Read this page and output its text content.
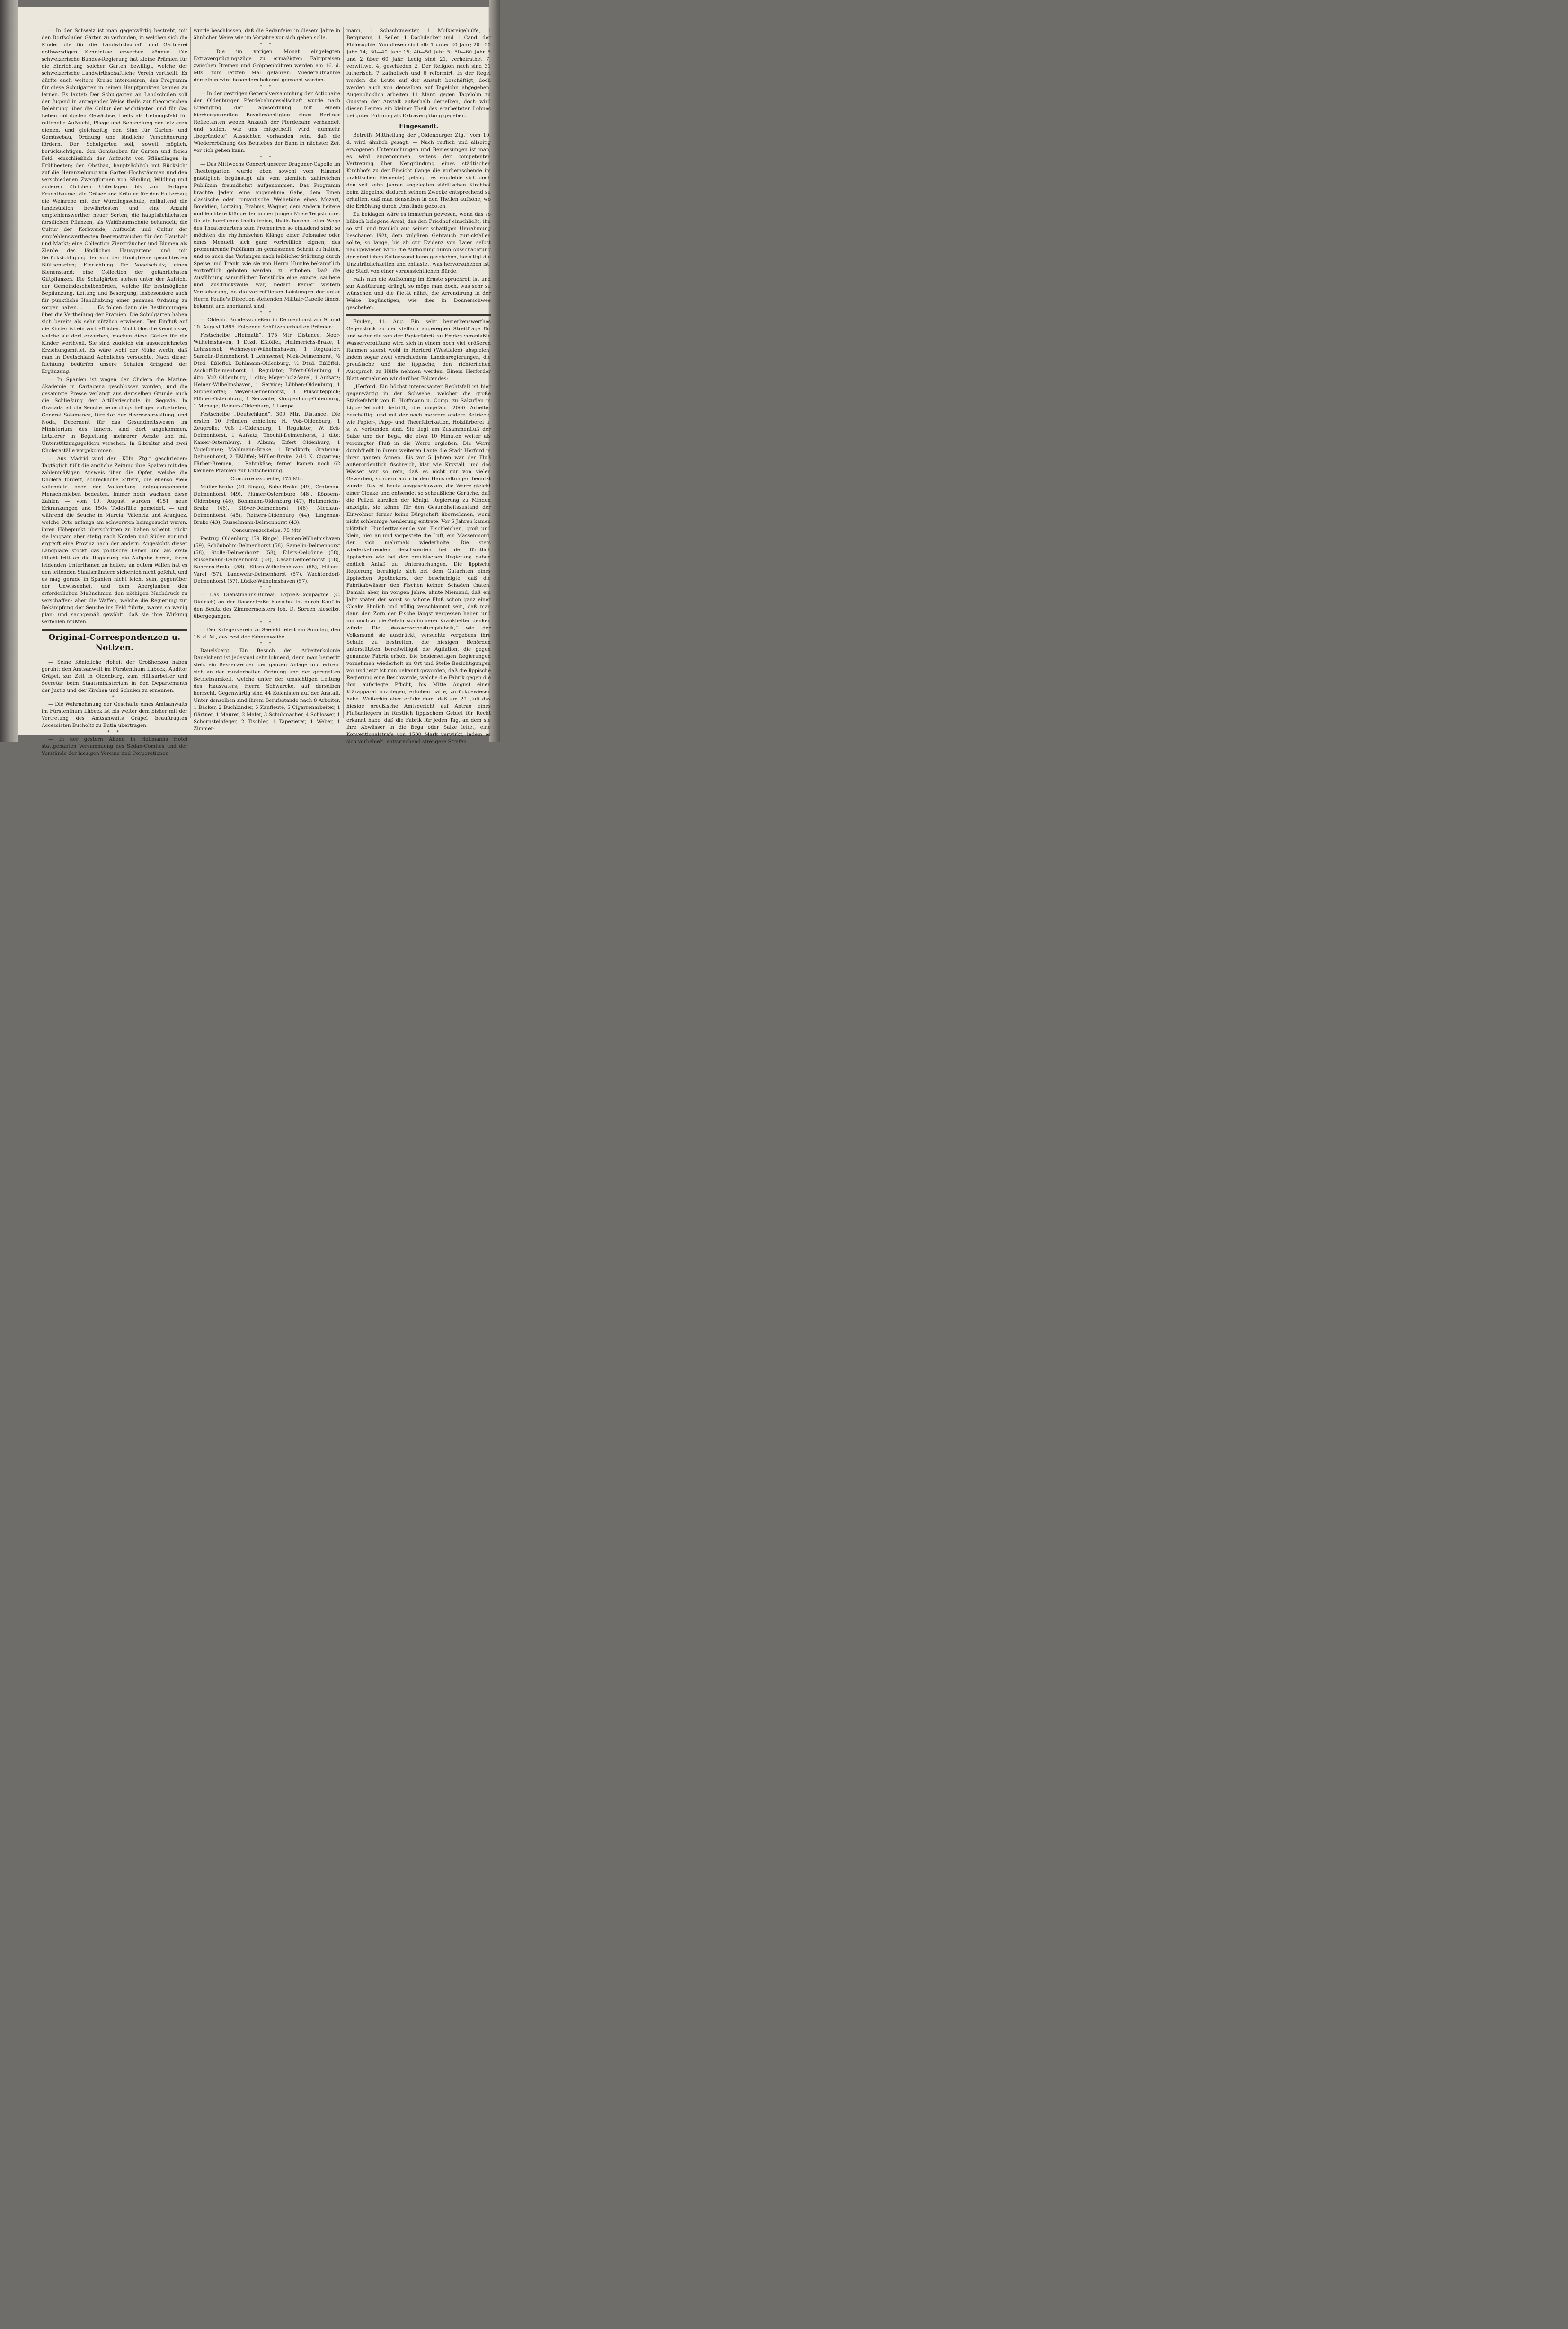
— In der Schweiz ist man gegenwärtig bestrebt, mit den Dorfschulen Gärten zu verbinden, in welchen sich die Kinder die für die Landwirthschaft und Gärtnerei nothwendigen Kenntnisse erwerben können. Die schweizerische Bundes-Regierung hat kleine Prämien für die Einrichtung solcher Gärten bewilligt, welche der schweizerische Landwirthschaftliche Verein vertheilt. Es dürfte auch weitere Kreise interessiren, das Programm für diese Schulgärten in seinen Hauptpunkten kennen zu lernen. Es lautet: Der Schulgarten an Landschulen soll der Jugend in anregender Weise theils zur theoretischen Belehrung über die Cultur der wichtigsten und für das Leben nöthigsten Gewächse, theils als Uebungsfeld für rationelle Aufzucht, Pflege und Behandlung der letzteren dienen, und gleichzeitig den Sinn für Garten- und Gemüsebau, Ordnung und ländliche Verschönerung fördern. Der Schulgarten soll, soweit möglich, berücksichtigen: den Gemüsebau für Garten und freies Feld, einschließlich der Aufzucht von Pflänzlingen in Frühbeeten; den Obstbau, hauptsächlich mit Rücksicht auf die Heranziehung von Garten-Hochstämmen und den verschiedenen Zwergformen von Sämling, Wildling und anderen üblichen Unterlagen bis zum fertigen Fruchtbaume; die Gräser und Kräuter für den Futterbau; die Weinrebe mit der Würzlingsschule, enthaltend die landesüblich bewährtesten und eine Anzahl empfehlenswerther neuer Sorten; die hauptsächlichsten forstlichen Pflanzen, als Waldbaumschule behandelt; die Cultur der Korbweide; Aufzucht und Cultur der empfehlenswerthesten Beerensträucher für den Haushalt und Markt; eine Collection Ziersträucher und Blumen als Zierde des ländlichen Hausgartens und mit Berücksichtigung der von der Honigbiene gesuchtesten Blüthenarten; Einrichtung für Vogelschutz; einen Bienenstand; eine Collection der gefährlichsten Giftpflanzen. Die Schulgärten stehen unter der Aufsicht der Gemeindeschulbehörden, welche für bestmögliche Bepflanzung, Leitung und Besorgung, insbesondere auch für pünktliche Handhabung einer genauen Ordnung zu sorgen haben. . . . . Es folgen dann die Bestimmungen über die Vertheilung der Prämien. Die Schulgärten haben sich bereits als sehr nützlich erwiesen. Der Einfluß auf die Kinder ist ein vortrefflicher. Nicht blos die Kenntnisse, welche sie dort erwerben, machen diese Gärten für die Kinder werthvoll. Sie sind zugleich ein ausgezeichnetes Erziehungsmittel. Es wäre wohl der Mühe werth, daß man in Deutschland Aehnliches versuchte. Nach dieser Richtung bedürfen unsere Schulen dringend der Ergänzung.

— In Spanien ist wegen der Cholera die Marine-Akademie in Cartagena geschlossen worden, und die gesammte Presse verlangt aus demselben Grunde auch die Schließung der Artillerieschule in Segovia. In Granada ist die Seuche neuerdings heftiger aufgetreten, General Salamanca, Director der Heeresverwaltung, und Noda, Decernent für das Gesundheitswesen im Ministerium des Innern, sind dort angekommen, Letzterer in Begleitung mehrerer Aerzte und mit Unterstützungsgeldern versehen. In Gibraltar sind zwei Choleraställe vorgekommen.

— Aus Madrid wird der „Köln. Ztg.“ geschrieben: Tagtäglich füllt die amtliche Zeitung ihre Spalten mit den zahlenmäßigen Ausweis über die Opfer, welche die Cholera fordert, schreckliche Ziffern, die ebenso viele vollendete oder der Vollendung entgegengehende Menschenleben bedeuten. Immer noch wachsen diese Zahlen — vom 10. August wurden 4151 neue Erkrankungen und 1504 Todesfälle gemeldet, — und während die Seuche in Murcia, Valencia und Aranjuez, welche Orte anfangs am schwersten heimgesucht waren, ihren Höhepunkt überschritten zu haben scheint, rückt sie langsam aber stetig nach Norden und Süden vor und ergreift eine Provinz nach der andern. Angesichts dieser Landplage stockt das politische Leben und als erste Pflicht tritt an die Regierung die Aufgabe heran, ihren leidenden Unterthanen zu helfen; an gutem Willen hat es den leitenden Staatsmännern sicherlich nicht gefehlt, und es mag gerade in Spanien nicht leicht sein, gegenüber der Unwissenheit und dem Aberglauben den erforderlichen Maßnahmen den nöthigen Nachdruck zu verschaffen; aber die Waffen, welche die Regierung zur Bekämpfung der Seuche ins Feld führte, waren so wenig plan- und sachgemäß gewählt, daß sie ihre Wirkung verfehlen mußten.

Original-Correspondenzen u. Notizen.

— Seine Königliche Hoheit der Großherzog haben geruht: den Amtsanwalt im Fürstenthum Lübeck, Auditor Gräpel, zur Zeit in Oldenburg, zum Hülfsarbeiter und Secretär beim Staatsministerium in den Departements der Justiz und der Kirchen und Schulen zu ernennen.

*

— Die Wahrnehmung der Geschäfte eines Amtsanwalts im Fürstenthum Lübeck ist bis weiter dem bisher mit der Vertretung des Amtsanwalts Gräpel beauftragten Accessisten Bucholtz zu Eutin übertragen.

* *

— In der gestern Abend in Hollmanns Hotel stattgehabten Versammlung des Sedan-Comités und der Vorstände der hiesigen Vereine und Corporationen

wurde beschlossen, daß die Sedanfeier in diesem Jahre in ähnlicher Weise wie im Vorjahre vor sich gehen solle.

* *

— Die im vorigen Monat eingelegten Extravergnügungszüge zu ermäßigten Fahrpreisen zwischen Bremen und Gröppenbühren werden am 16. d. Mts. zum letzten Mal gefahren. Wiederaufnahme derselben wird besonders bekannt gemacht werden.

* *

— In der gestrigen Generalversammlung der Actionaire der Oldenburger Pferdebahngesellschaft wurde nach Erledigung der Tagesordnung mit einem hierhergesandten Bevollmächtigten eines Berliner Reflectanten wegen Ankaufs der Pferdebahn verhandelt und sollen, wie uns mitgetheilt wird, nunmehr „begründete“ Aussichten vorhanden sein, daß die Wiedereröffnung des Betriebes der Bahn in nächster Zeit vor sich gehen kann.

* *

— Das Mittwochs Concert unserer Dragoner-Capelle im Theatergarten wurde eben sowohl vom Himmel gnädiglich begünstigt als vom ziemlich zahlreichen Publikum freundlichst aufgenommen. Das Programm brachte Jedem eine angenehme Gabe, dem Einen classische oder romantische Weihetöne eines Mozart, Boieldieu, Lortzing, Brahms, Wagner, dem Andern heitere und leichtere Klänge der immer jungen Muse Terpsichore. Da die herrlichen theils freien, theils beschatteten Wege des Theatergartens zum Promeniren so einladend sind: so möchten die rhythmischen Klänge einer Polonaise oder eines Menuett sich ganz vortrefflich eignen, das promenirende Publikum im gemessenen Schritt zu halten, und so auch das Verlangen nach leiblicher Stärkung durch Speise und Trank, wie sie von Herrn Humke bekanntlich vortrefflich geboten werden, zu erhöhen. Daß die Ausführung sämmtlicher Tonstücke eine exacte, saubere und ausdrucksvolle war, bedarf keiner weitern Versicherung, da die vortrefflichen Leistungen der unter Herrn Feuße's Direction stehenden Militair-Capelle längst bekannt und anerkannt sind.

* *

— Oldenb. Bundesschießen in Delmenhorst am 9. und 10. August 1885. Folgende Schützen erhielten Prämien:

Festscheibe „Heimath“, 175 Mtr. Distance. Noor-Wilhelmshaven, 1 Dtzd. Eßlöffel; Hellmerichs-Brake, 1 Lehnsessel; Wehmeyer-Wilhelmshaven, 1 Regulator; Samelin-Delmenhorst, 1 Lehnsessel; Niek-Delmenhorst, ½ Dtzd. Eßlöffel; Bohlmann-Oldenburg, ½ Dtzd. Eßlöffel; Aschoff-Delmenhorst, 1 Regulator; Eifert-Oldenburg, 1 dito; Voß Oldenburg, 1 dito; Meyer-holz-Varel, 1 Aufsatz; Heinen-Wilhelmshaven, 1 Service; Lübben-Oldenburg, 1 Suppenlöffel; Meyer-Delmenhorst, 1 Plüschteppich; Plümer-Osternburg, 1 Servante; Kloppenburg-Oldenburg, 1 Menage; Reiners-Oldenburg, 1 Lampe.

Festscheibe „Deutschland“, 300 Mtr. Distance. Die ersten 10 Prämien erhielten: H. Voß-Oldenburg, 1 Zeugrolle; Voß I.-Oldenburg, 1 Regulator; W. Eck-Delmenhorst, 1 Aufsatz; Thouhil-Delmenhorst, 1 dito; Kaiser-Osternburg, 1 Album; Eifert Oldenburg, 1 Vogelbauer; Mahlmann-Brake, 1 Brodkorb; Gratenau-Delmenhorst, 2 Eßlöffel; Müller-Brake, 2/10 K. Cigarren; Färber-Bremen, 1 Rahmkäse; ferner kamen noch 62 kleinere Prämien zur Entscheidung.

Concurrenzscheibe, 175 Mtr.

Müller-Brake (49 Ringe), Bube-Brake (49), Gratenau-Delmenhorst (49), Plümer-Osternburg (48), Köppens-Oldenburg (48), Bohlmann-Oldenburg (47), Hellmerichs-Brake (46), Stöver-Delmenhorst (46) Nicolaus-Delmenhorst (45), Reiners-Oldenburg (44), Lingenau-Brake (43), Russelmann-Delmenhorst (43).

Concurrenzscheibe, 75 Mtr.

Pestrup Oldenburg (59 Ringe), Heinen-Wilhelmshaven (59), Schönbohm-Delmenhorst (58), Samelin-Delmenhorst (58), Stolle-Delmenhorst (58), Eilers-Oelgönne (58), Russelmann-Delmenhorst (58), Cäsar-Delmenhorst (58), Behrens-Brake (58), Eilers-Wilhelmshaven (58), Hillers-Varel (57), Landwehr-Delmenhorst (57), Wachtendorf-Delmenhorst (57), Lüdke-Wilhelmshaven (57).

* *

— Das Dienstmanns-Bureau Expreß-Compagnie (C. Dietrich) an der Rosenstraße hieselbst ist durch Kauf in den Besitz des Zimmermeisters Joh. D. Spreen hieselbst übergegangen.

* *

— Der Kriegerverein zu Seefeld feiert am Sonntag, den 16. d. M., das Fest der Fahnenweihe.

* *

Dauelsberg. Ein Besuch der Arbeiterkolonie Dauelsberg ist jedesmal sehr lohnend, denn man bemerkt stets ein Besserwerden der ganzen Anlage und erfreut sich an der musterhaften Ordnung und der geregelten Betriebsamkeit, welche unter der umsichtigen Leitung des Hausvaters, Herrn Schwarcke, auf derselben herrscht. Gegenwärtig sind 44 Kolonisten auf der Anstalt. Unter denselben sind ihrem Berufsstande nach 8 Arbeiter, 1 Bäcker, 2 Buchbinder, 5 Kaufleute, 5 Cigarrenarbeiter, 1 Gärtner, 1 Maurer, 2 Maler, 3 Schuhmacher, 4 Schlosser, 1 Schornsteinfeger, 2 Tischler, 1 Tapezierer, 1 Weber, 1 Zimmer-

mann, 1 Schachtmeister, 1 Molkereigehülfe, 1 Bergmann, 1 Seiler, 1 Dachdecker und 1 Cand. der Philosophie. Von diesen sind alt: 1 unter 20 Jahr; 20—30 Jahr 14; 30—40 Jahr 15; 40—50 Jahr 5; 50—60 Jahr 5 und 2 über 60 Jahr. Ledig sind 21, verheirathet 7, verwittwet 4, geschieden 2. Der Religion nach sind 31 lutherisch, 7 katholisch und 6 reformirt. In der Regel werden die Leute auf der Anstalt beschäftigt, doch werden auch von denselben auf Tagelohn abgegeben. Augenblicklich arbeiten 11 Mann gegen Tagelohn zu Gunsten der Anstalt außerhalb derselben, doch wird diesen Leuten ein kleiner Theil des erarbeiteten Lohnes bei guter Führung als Extravergütung gegeben.

Eingesandt.

Betreffs Mittheilung der „Oldenburger Ztg.“ vom 10. d. wird ähnlich gesagt: — Nach reiflich und allseitig erwogenen Untersuchungen und Bemessungen ist man, es wird angenommen, seitens der competenten Vertretung über Neugründung eines städtischen Kirchhofs zu der Einsicht (lange die vorherrschende im praktischen Elemente) gelangt, es empfehle sich doch den seit zehn Jahren angelegten städtischen Kirchhof beim Ziegelhof dadurch seinem Zwecke entsprechend zu erhalten, daß man denselben in den Theilen aufhöhe, wo die Erhöhung durch Umstände geboten.

Zu beklagen wäre es immerhin gewesen, wenn das so hübsch belegene Areal, das den Friedhof einschließt, ihn so still und traulich aus seiner schattigen Umrahmung beschauen läßt, dem vulgären Gebrauch zurückfallen sollte, so lange, bis ab cur Evidenz von Laien selbst nachgewiesen wird: die Aufhöhung durch Ausschachtung der nördlichen Seitenwand kann geschehen, beseitigt die Unzuträglichkeiten und entlastet, was hervorzuheben ist, die Stadt von einer voraussichtlichen Bürde.

Falls nun die Aufhöhung im Ernste spruchreif ist und zur Ausführung drängt, so möge man doch, was sehr zu wünschen und die Pietät nährt, die Arrondirung in der Weise begünstigen, wie dies in Donnerschwee geschehen.

Emden, 11. Aug. Ein sehr bemerkenswerthes Gegenstück zu der vielfach angeregten Streitfrage für und wider die von der Papierfabrik zu Emden veranlaßte Wasservergiftung wird sich in einem noch viel größeren Rahmen zuerst wohl in Herford (Westfalen) abspielen, indem sogar zwei verschiedene Landesregierungen, die preußische und die lippische, den richterlichen Ausspruch zu Hülfe nehmen werden. Einem Herforder Blatt entnehmen wir darüber Folgendes:

„Herford. Ein höchst interessanter Rechtsfall ist hier gegenwärtig in der Schwebe, welcher die große Stärkefabrik von E. Hoffmann u. Comp. zu Salzuflen in Lippe-Detmold betrifft, die ungefähr 2000 Arbeiter beschäftigt und mit der noch mehrere andere Betriebe, wie Papier-, Papp- und Theerfabrikation, Holzfärberei u. s. w. verbunden sind. Sie liegt am Zusammenfluß der Salze und der Bega, die etwa 10 Minuten weiter als vereinigter Fluß in die Werre ergießen. Die Werre durchfließt in ihrem weiteren Laufe die Stadt Herford in ihrer ganzen Ärmen. Bis vor 5 Jahren war der Fluß außerordentlich fischreich, klar wie Krystall, und das Wasser war so rein, daß es nicht nur von vielen Gewerben, sondern auch in den Haushaltungen benutzt wurde. Das ist heute ausgeschlossen, die Werre gleicht einer Cloake und entsendet so scheußliche Gerüche, daß die Polizei kürzlich der königl. Regierung zu Minden anzeigte, sie könne für den Gesundheitszustand der Einwohner ferner keine Bürgschaft übernehmen, wenn nicht schleunige Aenderung eintrete. Vor 5 Jahren kamen plötzlich Hunderttausende von Fischleichen, groß und klein, hier an und verpestete die Luft, ein Massenmord, der sich mehrmals wiederholte. Die stets wiederkehrenden Beschwerden bei der fürstlich lippischen wie bei der preußischen Regierung gaben endlich Anlaß zu Untersuchungen. Die lippische Regierung beruhigte sich bei dem Gutachten eines lippischen Apothekers, der bescheinigte, daß die Fabrikabwässer den Fischen keinen Schaden thäten. Damals aber, im vorigen Jahre, ahnte Niemand, daß ein Jahr später der sonst so schöne Fluß schon ganz einer Cloake ähnlich und völlig verschlammt sein, daß man dann den Zorn der Fische längst vergessen haben und nur noch an die Gefahr schlimmerer Krankheiten denken würde. Die „Wasserverpestungsfabrik,“ wie der Volksmund sie ausdrückt, versuchte vergebens ihre Schuld zu bestreiten, die hiesigen Behörden unterstützten bereitwilligst die Agitation, die gegen genannte Fabrik erhob. Die beiderseitigen Regierungen vornehmen wiederholt an Ort und Stelle Besichtigungen vor und jetzt ist nun bekannt geworden, daß die lippische Regierung eine Beschwerde, welche die Fabrik gegen die ihm auferlegte Pflicht, bis Mitte August einen Klärapparat anzulegen, erhoben hatte, zurückgewiesen habe. Weiterhin aber erfuhr man, daß am 22. Juli das hiesige preußische Amtsgericht auf Antrag eines Flußanliegers in fürstlich lippischem Gebiet für Recht erkannt habe, daß die Fabrik für jeden Tag, an dem sie ihre Abwässer in die Bega oder Salze leitet, eine Konventionalstrafe von 1500 Mark verwirkt, indem es sich vorbehielt, entsprechend strengere Strafen
